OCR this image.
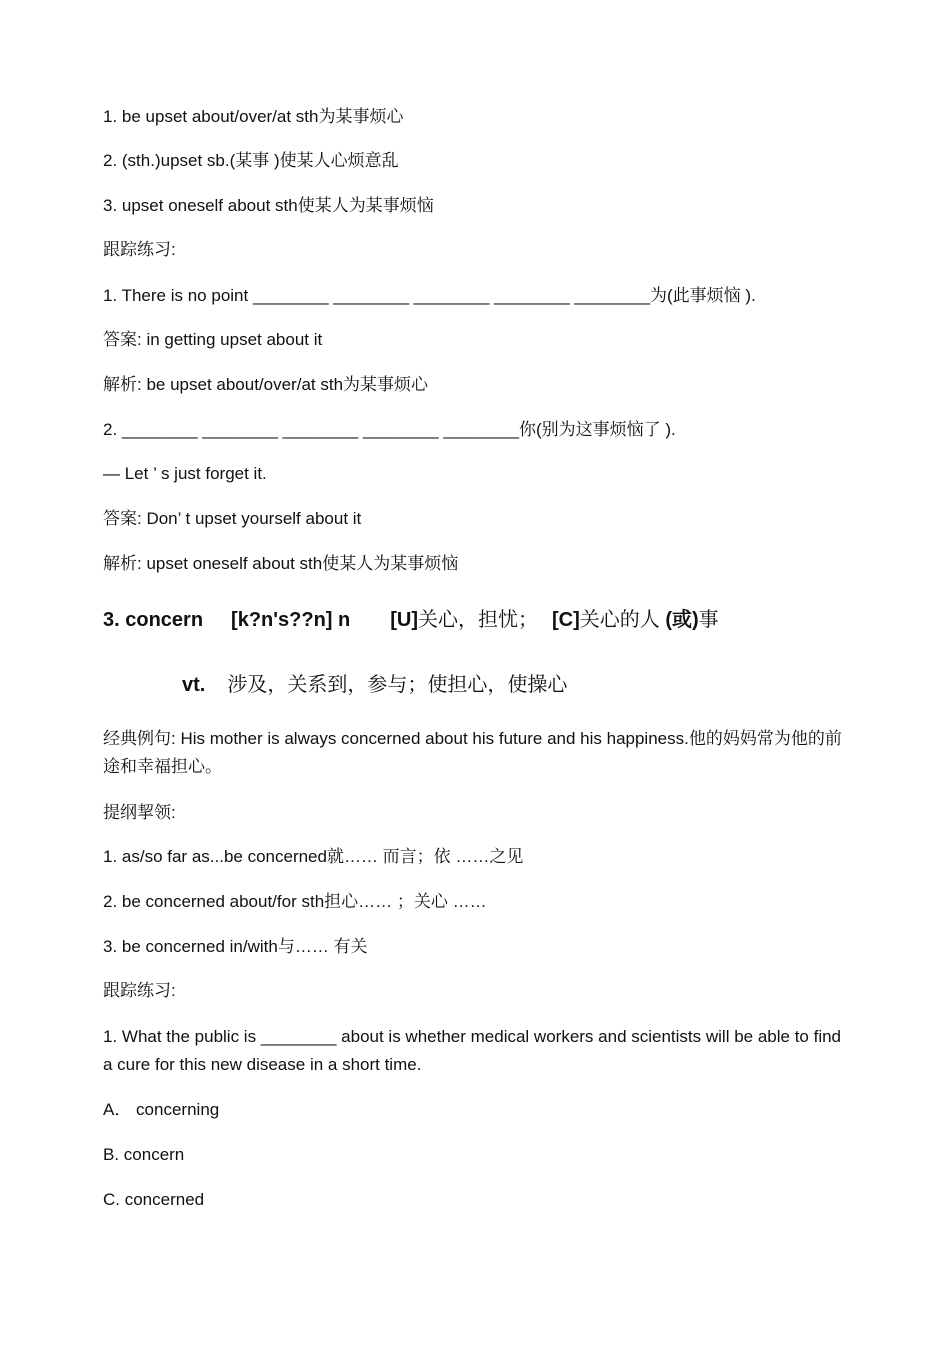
1. be upset about/over/at sth为某事烦心

2. (sth.)upset sb.(某事 )使某人心烦意乱

3. upset oneself about sth使某人为某事烦恼

跟踪练习:

1. There is no point ________ ________ ________ ________ ________为(此事烦恼 ).

答案: in getting upset about it

解析: be upset about/over/at sth为某事烦心

2. ________ ________ ________ ________ ________你(别为这事烦恼了 ).

— Let ’ s just forget it.

答案: Don’ t upset yourself about it

解析: upset oneself about sth使某人为某事烦恼

3. concern [k?n's??n] n [U]关心，担忧； [C]关心的人 (或)事
vt. 涉及，关系到，参与；使担心，使操心

经典例句: His mother is always concerned about his future and his happiness.他的妈妈常为他的前途和幸福担心。

提纲挈领:

1. as/so far as...be concerned就…… 而言；依 ……之见

2. be concerned about/for sth担心…… ；关心 ……

3. be concerned in/with与…… 有关

跟踪练习:

1. What the public is ________ about is whether medical workers and scientists will be able to find a cure for this new disease in a short time.

A． concerning

B. concern

C. concerned
